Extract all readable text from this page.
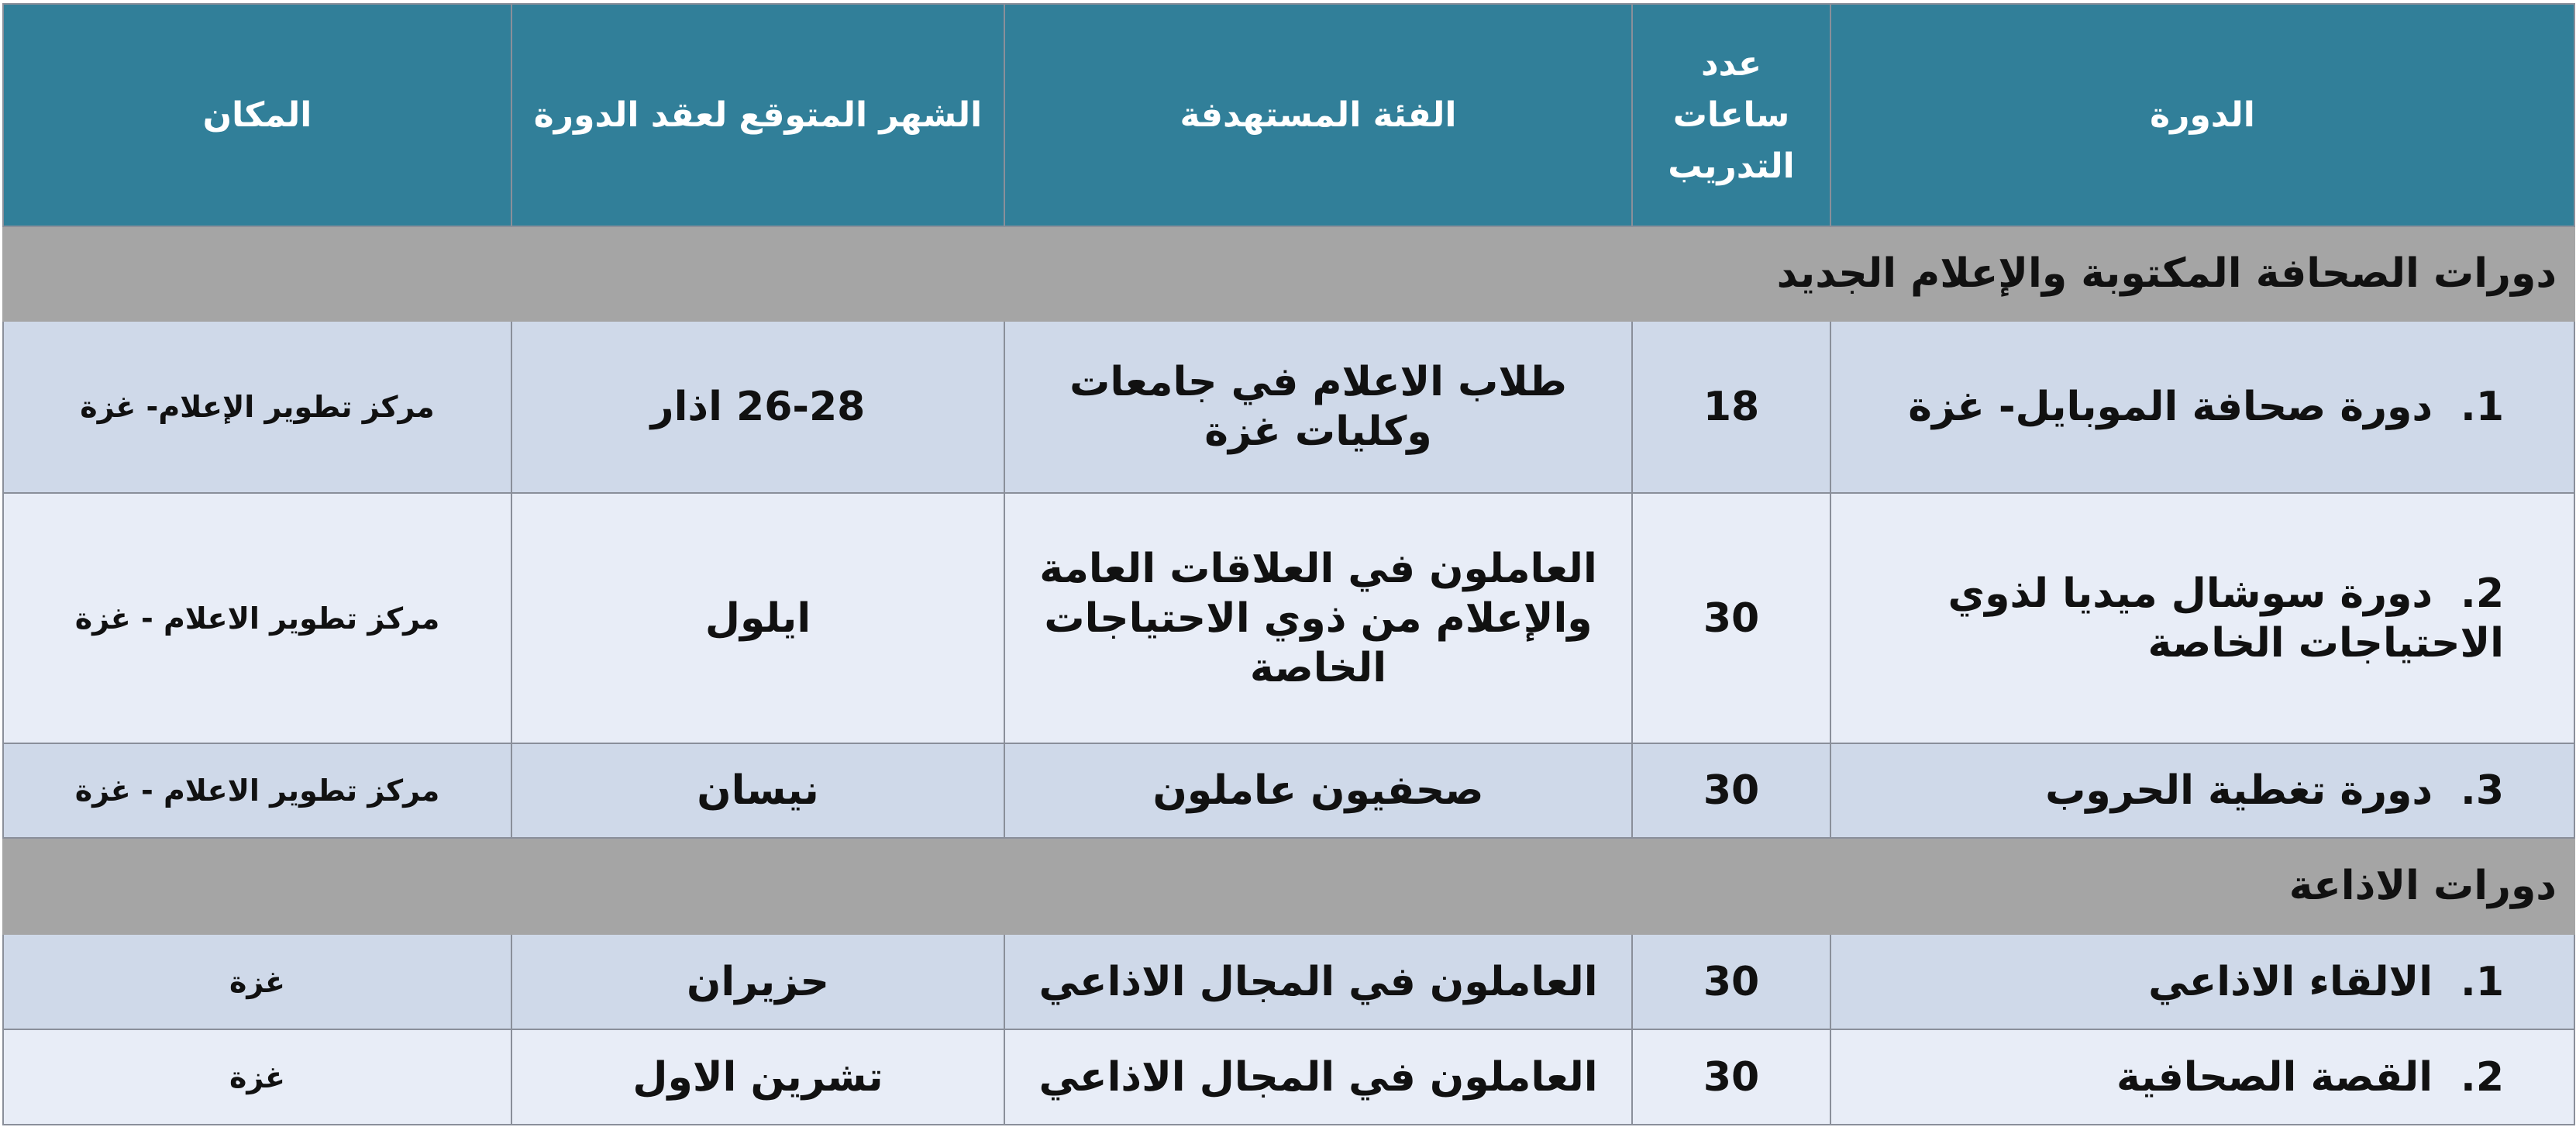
الدورة	عدد ساعات التدريب	الفئة المستهدفة	الشهر المتوقع لعقد الدورة	المكان
دورات الصحافة المكتوبة والإعلام الجديد				
1.دورة صحافة الموبايل- غزة	18	طلاب الاعلام في جامعات وكليات غزة	26-28 اذار	مركز تطوير الإعلام- غزة
2.دورة سوشال ميديا لذوي الاحتياجات الخاصة	30	العاملون في العلاقات العامة والإعلام من ذوي الاحتياجات الخاصة	ايلول	مركز تطوير الاعلام - غزة
3.دورة تغطية الحروب	30	صحفيون عاملون	نيسان	مركز تطوير الاعلام - غزة
دورات الاذاعة				
1.الالقاء الاذاعي	30	العاملون في المجال الاذاعي	حزيران	غزة
2.القصة الصحافية	30	العاملون في المجال الاذاعي	تشرين الاول	غزة
